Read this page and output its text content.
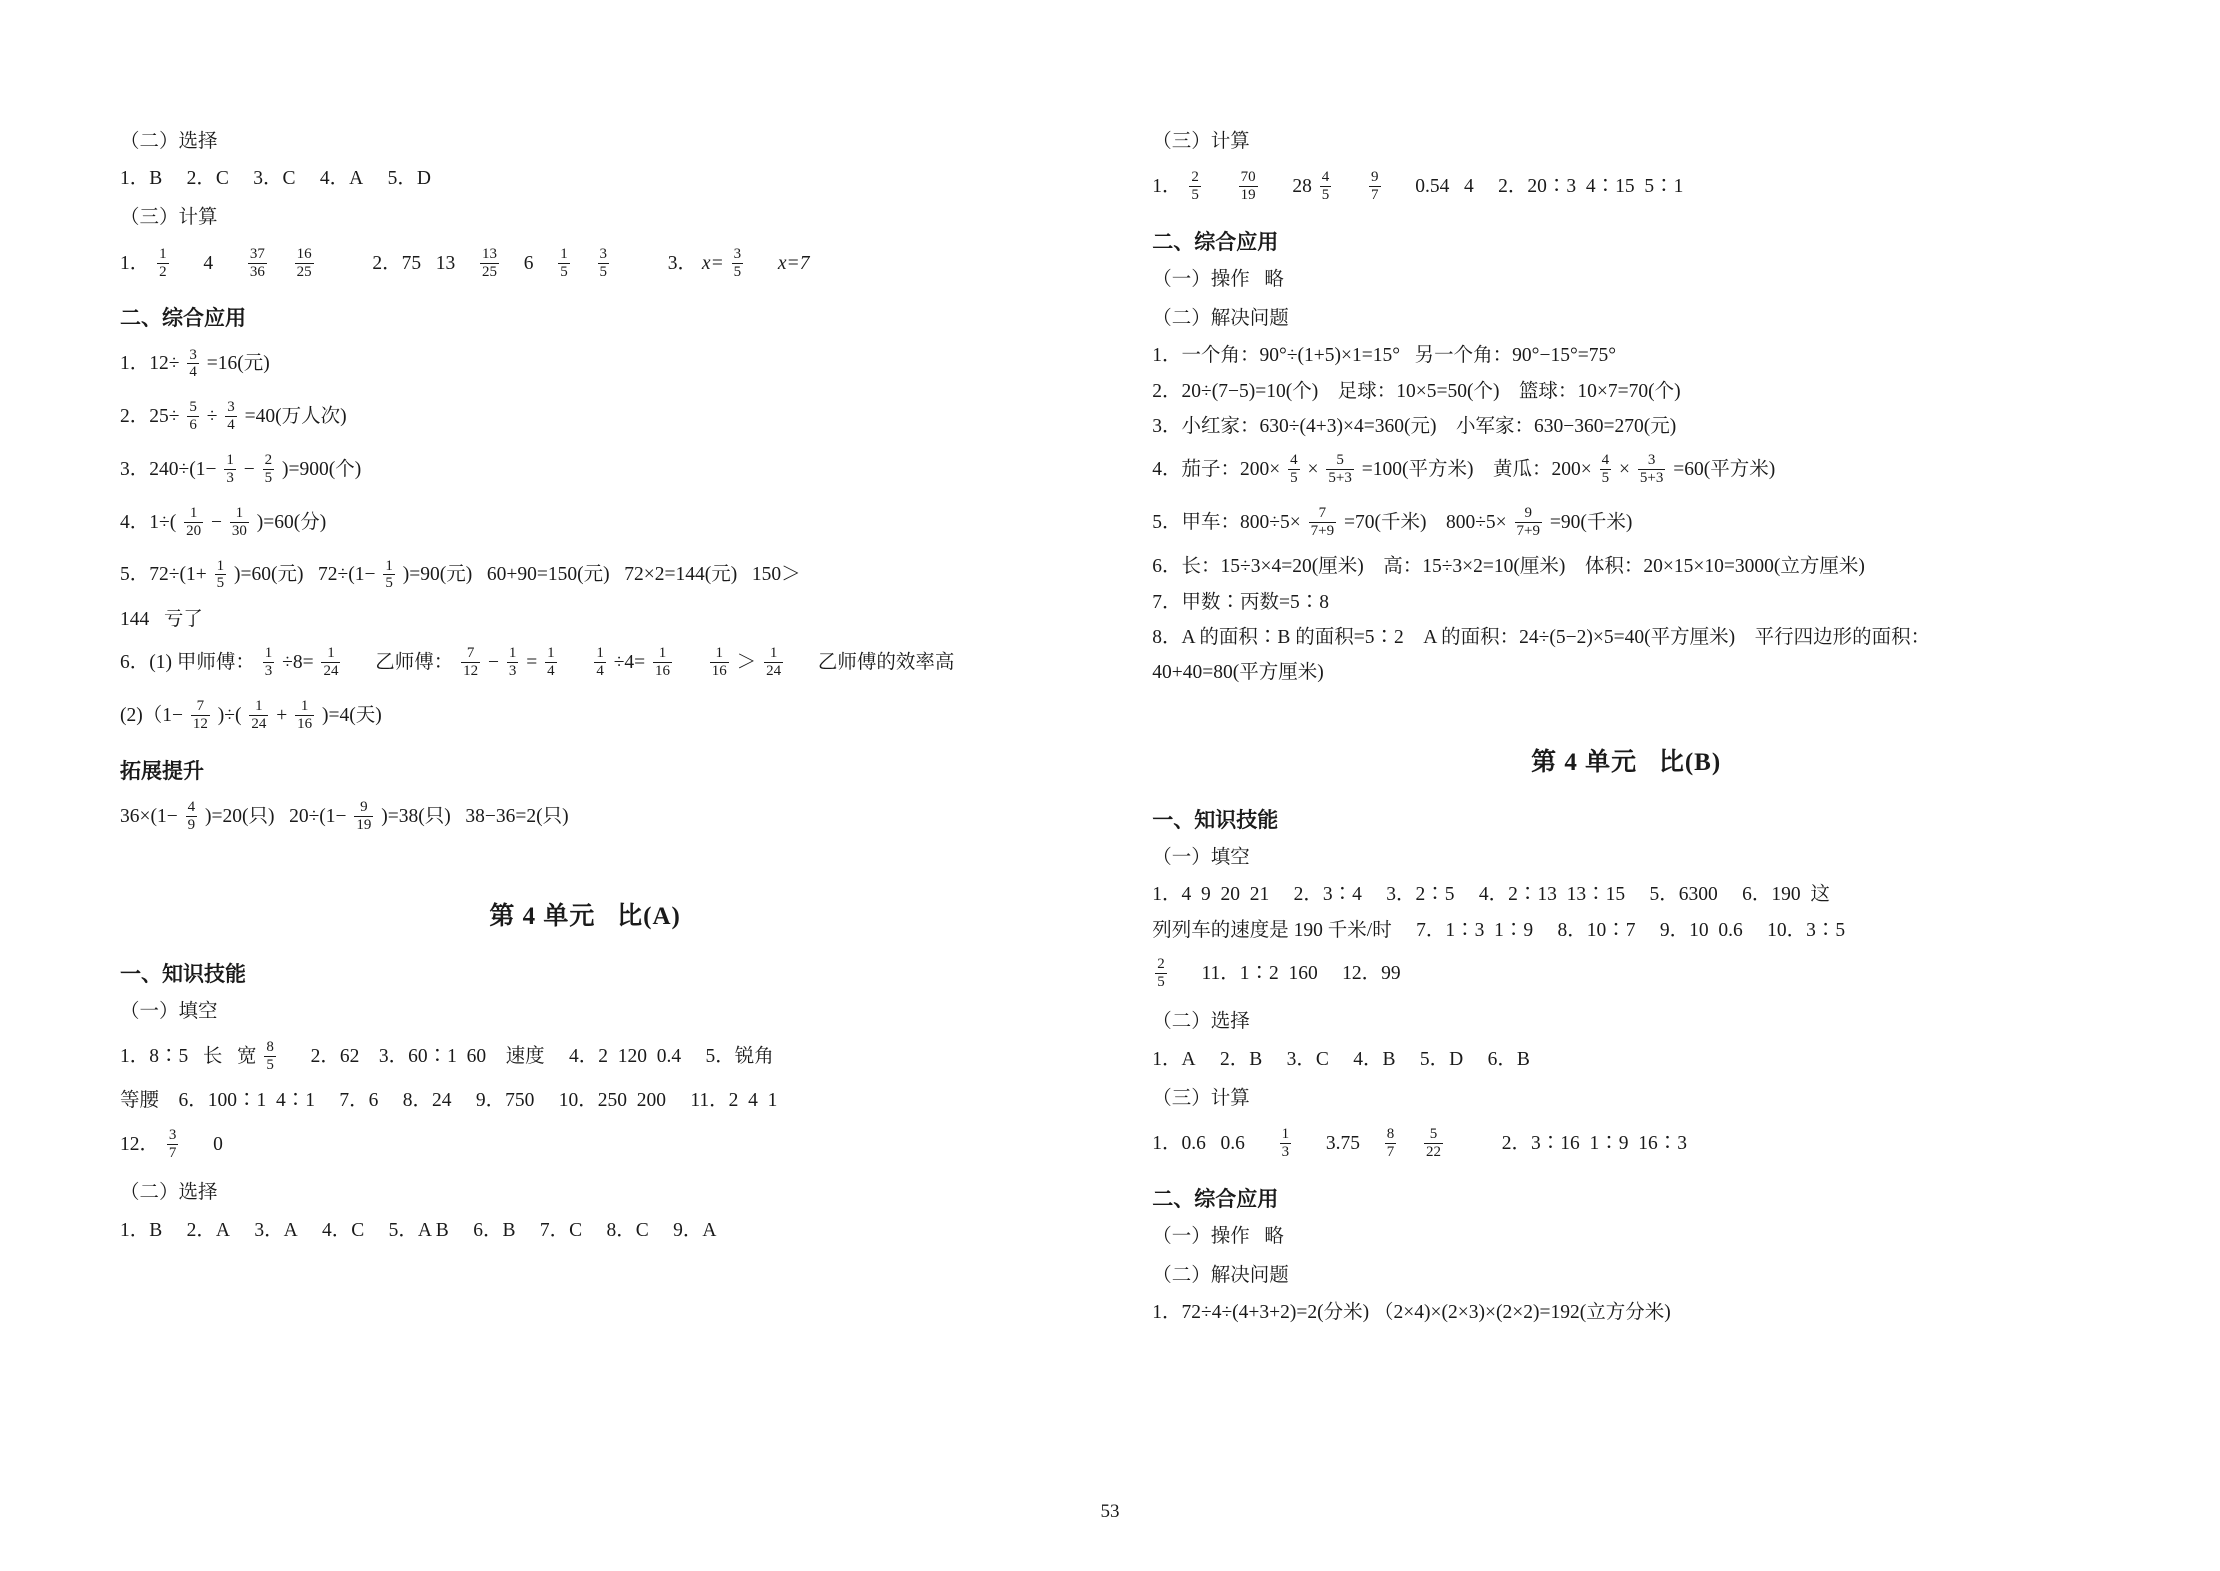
（二）选择
1．B     2．C     3．C     4．A     5．D
（三）计算
1． $\frac{1}{2} 4 \frac{37}{36}$
$\frac{16}{25}$	2．75   $13 \frac{13}{25} 6 \frac{1}{5}$
$\frac{3}{5}$	3． $x= \frac{3}{5} x=7$
二、综合应用
1．$12\div \frac{3}{4} =16$(元)
2．$25\div \frac{5}{6} \div \frac{3}{4} =40$(万人次)
3．$240\div(1- \frac{1}{3} - \frac{2}{5} )=900$(个)
4．$1\div( \frac{1}{20} - \frac{1}{30} )=60$(分)
5．$72\div(1+ \frac{1}{5} )=60$(元)   $72\div(1- \frac{1}{5} )=90$(元)   60+90=150(元)   72×2=144(元)   150＞
144   亏了
6．(1) 甲师傅： $\frac{1}{3} \div 8= \frac{1}{24}$ 乙师傅： $\frac{7}{12} - \frac{1}{3} = \frac{1}{4}$
	$\frac{1}{4} \div 4= \frac{1}{16}$
	$\frac{1}{16} > \frac{1}{24}$ 乙师傅的效率高
$(2)(1- \frac{7}{12}$ )÷( $\frac{1}{24} + \frac{1}{16} )=4$(天)
拓展提升
$36\times(1- \frac{4}{9} )=20$(只)   $20\div(1- \frac{9}{19} )=38$(只)   38−36=2(只)
第 4 单元   比(A)
一、知识技能
（一）填空
1．8∶5   长   宽 $\frac{8}{5} 2$．62    3．60∶1  60    速度     4．2  120  0.4     5．锐角
等腰    6．100∶1  4∶1     7．6     8．24     9．750     10．250  200     11．2  4  1
12． $\frac{3}{7} 0$
（二）选择
1．B     2．A     3．A     4．C     5．A B     6．B     7．C     8．C     9．A
（三）计算
1． $\frac{2}{5}$
	$\frac{70}{19} 28 \frac{4}{5}$
	$\frac{9}{7} 0.54$   4     2．20∶3  4∶15  5∶1
二、综合应用
（一）操作   略
（二）解决问题
1．一个角：90°÷(1+5)×1=15°   另一个角：90°−15°=75°
2．20÷(7−5)=10(个)    足球：10×5=50(个)    篮球：10×7=70(个)
3．小红家：630÷(4+3)×4=360(元)    小军家：630−360=270(元)
4．茄子：$200\times \frac{4}{5} \times \frac{5}{5+3} =100$(平方米)    黄瓜：$200\times \frac{4}{5} \times \frac{3}{5+3} =60$(平方米)
5．甲车：$800\div 5\times \frac{7}{7+9} =70$(千米)    $800\div 5\times \frac{9}{7+9} =90$(千米)
6．长：15÷3×4=20(厘米)    高：15÷3×2=10(厘米)    体积：20×15×10=3000(立方厘米)
7．甲数∶丙数=5∶8
8．A 的面积∶B 的面积=5∶2    A 的面积：24÷(5−2)×5=40(平方厘米)    平行四边形的面积：
40+40=80(平方厘米)
第 4 单元   比(B)
一、知识技能
（一）填空
1．4  9  20  21     2．3∶4     3．2∶5     4．2∶13  13∶15     5．6300     6．190  这
列列车的速度是 190 千米/时     7．1∶3  1∶9     8．10∶7     9．10  0.6     10．3∶5
$\frac{2}{5} 11$．1∶2  160     12．99
（二）选择
1．A     2．B     3．C     4．B     5．D     6．B
（三）计算
1．0.6   $0.6 \frac{1}{3} 3.75 \frac{8}{7}$
$\frac{5}{22}$	2．3∶16  1∶9  16∶3
二、综合应用
（一）操作   略
（二）解决问题
1．72÷4÷(4+3+2)=2(分米) （2×4)×(2×3)×(2×2)=192(立方分米)
53
